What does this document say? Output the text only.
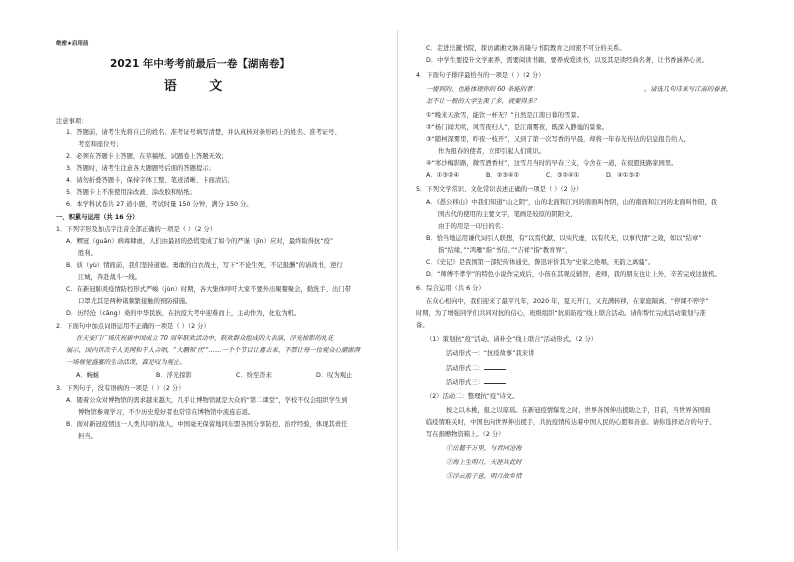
绝密★启用前
2021 年中考考前最后一卷【湖南卷】
语 文
注意事项：
1．答题前，请考生先将自己的姓名、准考证号填写清楚，并认真核对条形码上的姓名、准考证号、
考室和座位号；
2．必须在答题卡上答题，在草稿纸、试题卷上答题无效；
3．答题时，请考生注意各大题题号后面的答题提示；
4．请勿折叠答题卡，保持字体工整、笔迹清晰、卡面清洁；
5．答题卡上不准使用涂改液、涂改胶和贴纸；
6．本学科试卷共 27 道小题，考试时量 150 分钟，满分 150 分。
一、积累与运用（共 16 分）
1．下列字形及加点字注音全部正确的一项是（ ）（2 分）
A．鳏冠（guān）病毒肆虐，人们由最初的恐慌变成了如今的严谨（jǐn）应对，最终取得抗“疫”
胜利。
B．质（yù）情面前，我们坚持道德。勇敢的白衣战士，写下“不论生死，不记报酬”的请战书，逆行
江城，奔赴战斗一线。
C．在新冠肺炎疫情防控形式严峻（jùn）时期，各大集体呼吁大家不要外出聚餐聚会，勤洗手、出门带
口罩尤其是两种诸频繁接触的预防措施。
D．历经沧（cāng）桑的中华民族，在抗疫大考中迎难而上，主动作为，化危为机。
2．下面句中加点词语运用不正确的一项是（ ）（2 分）
在天安门广场庆祝新中国成立 70 周年联欢活动中，联欢群众组成的大表演、浮光掠影的礼花
展示，国内首次千人美网和千人合唱，“大鹏领‘伏’”……一个个节目让喜去来，不禁让每一位观众心潮澎湃
一场视觉盛宴的生动活泼，真是叹为观止。
A．蜿蜒	B．浮光掠影	C．纷至沓来	D．叹为观止
3．下列句子，没有语病的一项是（ ）（2 分）
A．随着公众对博物馆的需求越来越大，几乎让博物馆就是大众的“第二课堂”，学校不仅会组织学生到
博物馆参观学习，不少历史爱好者也常常在博物馆中流连忘返。
B．面对新冠疫情这一人类共同的敌人，中国毫无保留地同东盟各国分享防控、治疗经验，体现其责任
担当。
C．走进岳麓书院，探访湖湘文脉善隆与书院教育之间密不可分的关系。
D．中学生要提升文学素养，需要阅读书籍，要养成爱读书，以及其是读经典名著，让书香涵养心灵。
4．下面句子排序最恰当的一项是（ ）（2 分）
一提到的，也能体现你的 60 条能的者：	。请选几句诗来写江南的春景，
怎不让一般的大学生羡了多，就要得多？
①“晚来天欲雪，能饮一杯无？”自然是江南日暮的雪景。
②“杨门闻犬吠，风雪夜归人”，是江南雾夜，既深入静谧的景象。
③“随柯深雾里，昨夜一枝开”，又到了第一次写香的早晨，却将一年春光传达的信息报告给人，
作为报春的使者，立即引起人们赏识。
④“寒沙梅影路，微雪酒香村”，这雪月当时的早春三支，令舍在一道，在很愿抚路家园里。
A．①③②④	B．②③④①	C．③②④①	D．④①③②
5．下列文学常识、文化常识表述正确的一项是（ ）（2 分）
A．《愚公移山》中我们知道“山之阴”，山的北面和江河的南面叫作阴，山的南面和江河的北面叫作阳，我
国古代的使用的主要文字，笔画是较原的阴阳文，
由于的用是一印日的名：
B．恰当地运用谦代词引人联想，有“以焉代献，以实代虚，以有代无，以事代情”之效，如以“结章”
指“结缘，”“鸿雁”指“书信，”“吉祥”指“教育界”，
C．《史记》是我国第一部纪传体通史，鲁迅评价其为“史家之绝唱，无韵之离骚”。
D．“师傅不孝学”的特色小说作完成后，小孩在其观反辅智，老师，我的朋友也让上外，辛苦完成这拔机。
6．综合运用（共 6 分）
在众心相向中，我们迎来了最平凡年，2020 年，夏天开门，又充满转移，在家庭隔离、“停课不停学”
时期，为了增强同学们共同对抗的信心，班级组织“抗质防疫”线上联合活动。请你帮忙完成活动策划与准
备。
（1）策划抗“疫”活动。请补全“线上联合”活动形式。（2 分）
活动形式一：“抗疫故事”我来讲
活动形式二：
活动形式三：
（2）活动二：整理抗“疫”诗文。
按之以木桃，报之以琼瑶。在新冠疫情爆发之时，世界各国伸出援助之手，目前，当世界各国面
临疫情难关时，中国也向世界伸出援手，共抗疫情传达着中国人民的心愿和善意。请你选择适合的句子，
写在捐赠物资箱上。（2 分）
①岳麓千万里，与君同沧海
②海上生明月，天涯共此时
③浮云游子意，明月故乡情
